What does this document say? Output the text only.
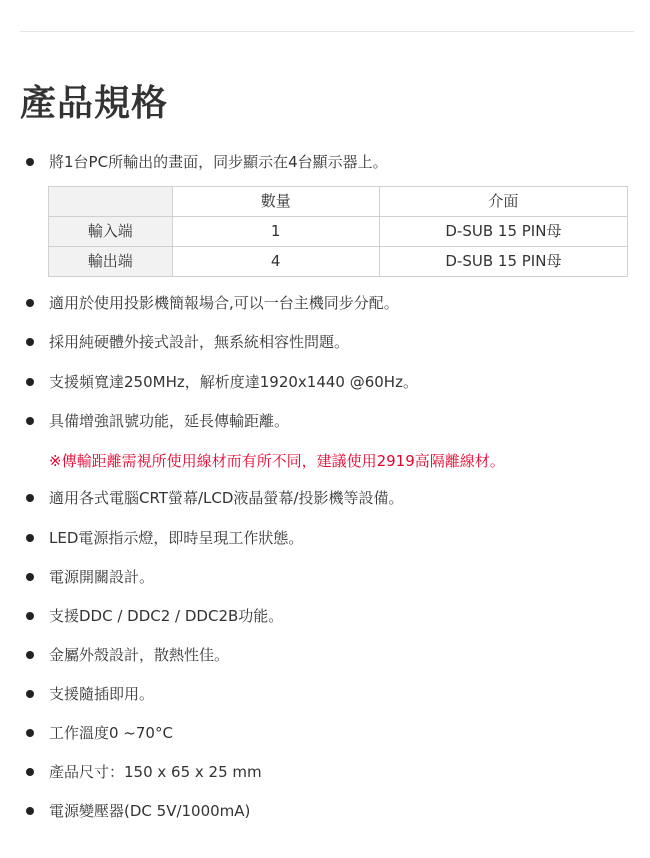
產品規格
將1台PC所輸出的畫面，同步顯示在4台顯示器上。
適用於使用投影機簡報場合,可以一台主機同步分配。
採用純硬體外接式設計，無系統相容性問題。
支援頻寬達250MHz，解析度達1920x1440 @60Hz。
具備增強訊號功能，延長傳輸距離。
適用各式電腦CRT螢幕/LCD液晶螢幕/投影機等設備。
LED電源指示燈，即時呈現工作狀態。
電源開關設計。
支援DDC / DDC2 / DDC2B功能。
金屬外殼設計，散熱性佳。
支援隨插即用。
工作溫度0 ~70°C
產品尺寸：150 x 65 x 25 mm
電源變壓器(DC 5V/1000mA)
※傳輸距離需視所使用線材而有所不同，建議使用2919高隔離線材。
	數量	介面
輸入端	1	D-SUB 15 PIN母
輸出端	4	D-SUB 15 PIN母
